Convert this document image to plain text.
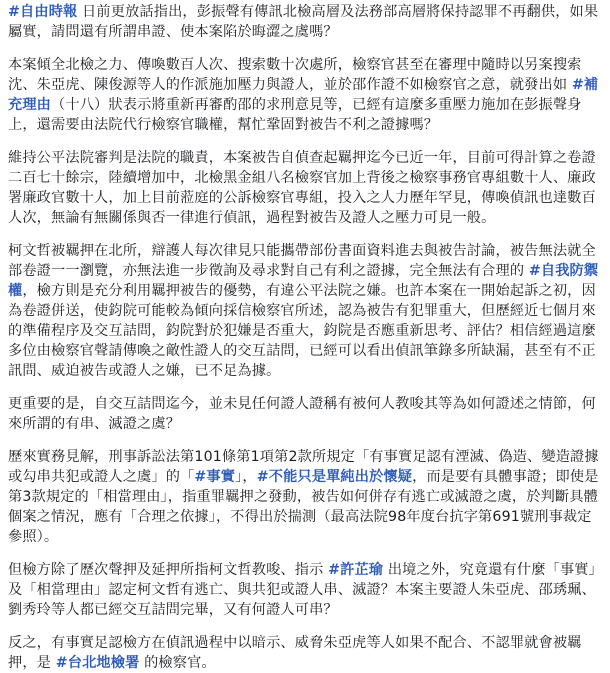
#自由時報 日前更放話指出，彭振聲有傳訊北檢高層及法務部高層將保持認罪不再翻供，如果屬實，請問還有所謂串證、使本案陷於晦澀之虞嗎？

本案傾全北檢之力、傳喚數百人次、搜索數十次處所，檢察官甚至在審理中隨時以另案搜索沈、朱亞虎、陳俊源等人的作派施加壓力與證人，並於邵作證不如檢察官之意，就發出如 #補充理由（十八）狀表示將重新再審酌邵的求刑意見等，已經有這麼多重壓力施加在彭振聲身上，還需要由法院代行檢察官職權，幫忙鞏固對被告不利之證據嗎？

維持公平法院審判是法院的職責，本案被告自偵查起羈押迄今已近一年，目前可得計算之卷證二百七十餘宗，陸續增加中，北檢黑金組八名檢察官加上背後之檢察事務官專組數十人、廉政署廉政官數十人，加上目前蒞庭的公訴檢察官專組，投入之人力歷年罕見，傳喚偵訊也達數百人次，無論有無關係與否一律進行偵訊，過程對被告及證人之壓力可見一般。

柯文哲被羈押在北所，辯護人每次律見只能攜帶部份書面資料進去與被告討論，被告無法就全部卷證一一瀏覽，亦無法進一步徵詢及尋求對自己有利之證據，完全無法有合理的 #自我防禦權，檢方則是充分利用羈押被告的優勢，有違公平法院之嫌。也許本案在一開始起訴之初，因為卷證併送，使鈞院可能較為傾向採信檢察官所述，認為被告有犯罪重大，但歷經近七個月來的準備程序及交互詰問，鈞院對於犯嫌是否重大，鈞院是否應重新思考、評估？相信經過這麼多位由檢察官聲請傳喚之敵性證人的交互詰問，已經可以看出偵訊筆錄多所缺漏，甚至有不正訊問、威迫被告或證人之嫌，已不足為據。

更重要的是，自交互詰問迄今，並未見任何證人證稱有被何人教唆其等為如何證述之情節，何來所謂的有串、滅證之虞？

歷來實務見解，刑事訴訟法第101條第1項第2款所規定「有事實足認有湮滅、偽造、變造證據或勾串共犯或證人之虞」的「#事實」，#不能只是單純出於懷疑，而是要有具體事證；即使是第3款規定的「相當理由」，指重罪羈押之發動，被告如何併存有逃亡或滅證之虞，於判斷具體個案之情況，應有「合理之依據」，不得出於揣測（最高法院98年度台抗字第691號刑事裁定參照）。

但檢方除了歷次聲押及延押所指柯文哲教唆、指示 #許芷瑜 出境之外，究竟還有什麼「事實」及「相當理由」認定柯文哲有逃亡、與共犯或證人串、滅證？本案主要證人朱亞虎、邵琇珮、劉秀玲等人都已經交互詰問完畢，又有何證人可串？

反之，有事實足認檢方在偵訊過程中以暗示、威脅朱亞虎等人如果不配合、不認罪就會被羈押，是 #台北地檢署 的檢察官。
